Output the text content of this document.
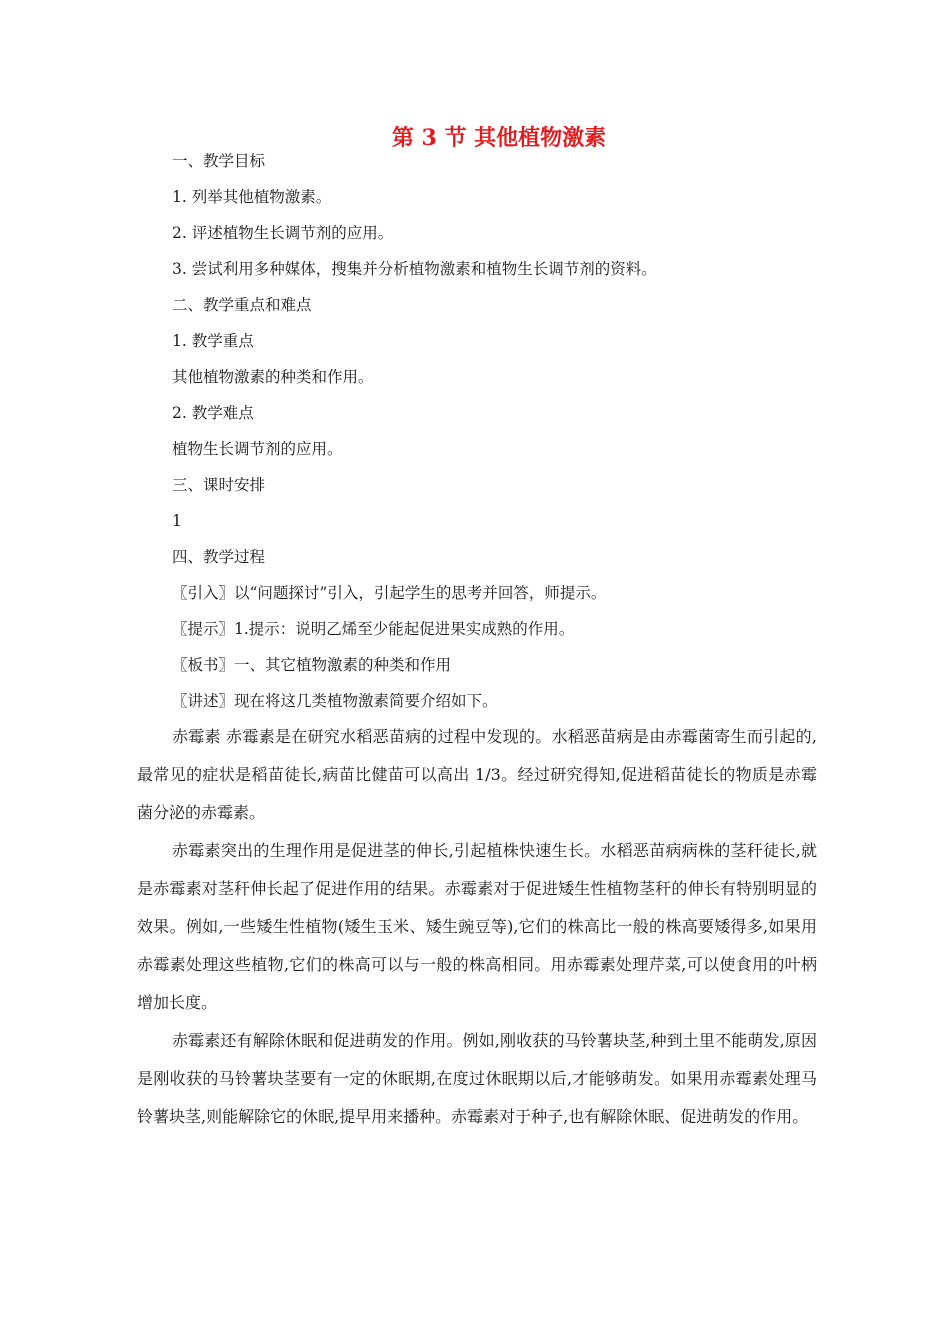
第 3 节 其他植物激素
一、教学目标
1. 列举其他植物激素。
2. 评述植物生长调节剂的应用。
3. 尝试利用多种媒体，搜集并分析植物激素和植物生长调节剂的资料。
二、教学重点和难点
1. 教学重点
其他植物激素的种类和作用。
2. 教学难点
植物生长调节剂的应用。
三、课时安排
1
四、教学过程
〖引入〗以“问题探讨”引入，引起学生的思考并回答，师提示。
〖提示〗1.提示：说明乙烯至少能起促进果实成熟的作用。
〖板书〗一、其它植物激素的种类和作用
〖讲述〗现在将这几类植物激素简要介绍如下。

赤霉素 赤霉素是在研究水稻恶苗病的过程中发现的。水稻恶苗病是由赤霉菌寄生而引起的,最常见的症状是稻苗徒长,病苗比健苗可以高出 1/3。经过研究得知,促进稻苗徒长的物质是赤霉菌分泌的赤霉素。

赤霉素突出的生理作用是促进茎的伸长,引起植株快速生长。水稻恶苗病病株的茎秆徒长,就是赤霉素对茎秆伸长起了促进作用的结果。赤霉素对于促进矮生性植物茎秆的伸长有特别明显的效果。例如,一些矮生性植物(矮生玉米、矮生豌豆等),它们的株高比一般的株高要矮得多,如果用赤霉素处理这些植物,它们的株高可以与一般的株高相同。用赤霉素处理芹菜,可以使食用的叶柄增加长度。

赤霉素还有解除休眠和促进萌发的作用。例如,刚收获的马铃薯块茎,种到土里不能萌发,原因是刚收获的马铃薯块茎要有一定的休眠期,在度过休眠期以后,才能够萌发。如果用赤霉素处理马铃薯块茎,则能解除它的休眠,提早用来播种。赤霉素对于种子,也有解除休眠、促进萌发的作用。
